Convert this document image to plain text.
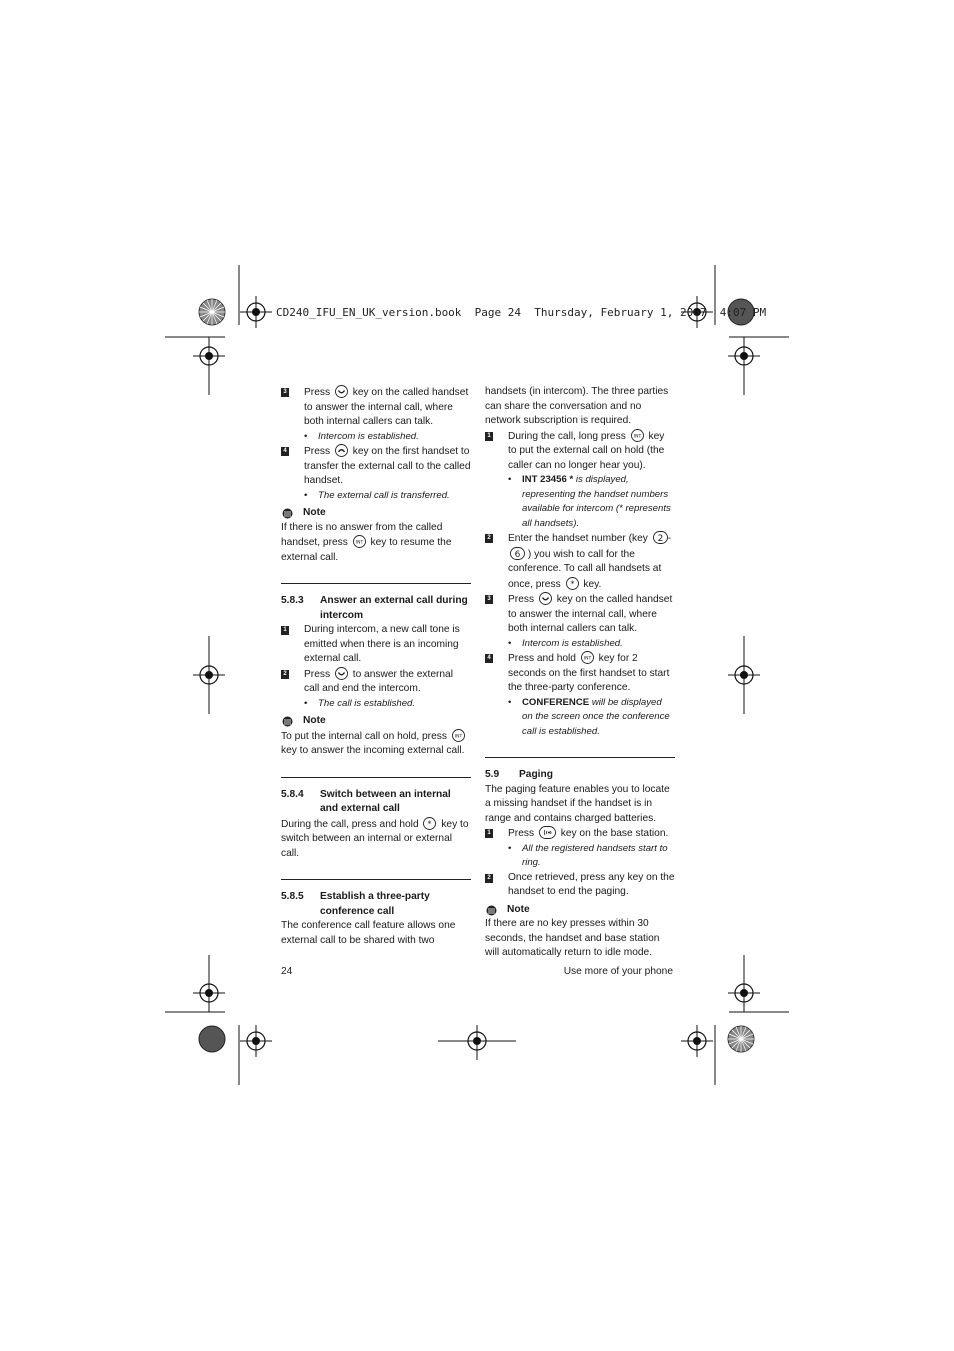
CD240_IFU_EN_UK_version.book  Page 24  Thursday, February 1, 2007  4:07 PM
3 Press key on the called handset to answer the internal call, where both internal callers can talk.

• Intercom is established.

4 Press key on the first handset to transfer the external call to the called handset.

• The external call is transferred.

Note

If there is no answer from the called handset, press INT key to resume the external call.

5.8.3 Answer an external call during intercom
1 During intercom, a new call tone is emitted when there is an incoming external call.
2 Press to answer the external call and end the intercom.

• The call is established.

Note

To put the internal call on hold, press INT
key to answer the incoming external call.

5.8.4 Switch between an internal and external call

During the call, press and hold * key to switch between an internal or external call.

5.8.5 Establish a three-party conference call

The conference call feature allows one external call to be shared with two

handsets (in intercom). The three parties can share the conversation and no network subscription is required.

1 During the call, long press INT key to put the external call on hold (the caller can no longer hear you).

• INT 23456 * is displayed, representing the handset numbers available for intercom (* represents all handsets).

2 Enter the handset number (key 2 -
6 ) you wish to call for the conference. To call all handsets at once, press * key.
3 Press key on the called handset to answer the internal call, where both internal callers can talk.

• Intercom is established.

4 Press and hold INT key for 2 seconds on the first handset to start the three-party conference.

• CONFERENCE will be displayed on the screen once the conference call is established.

5.9 Paging

The paging feature enables you to locate a missing handset if the handset is in range and contains charged batteries.

1 Press	key on the base station.

• All the registered handsets start to ring.

2 Once retrieved, press any key on the handset to end the paging.
Note

If there are no key presses within 30 seconds, the handset and base station will automatically return to idle mode.

24	Use more of your phone
